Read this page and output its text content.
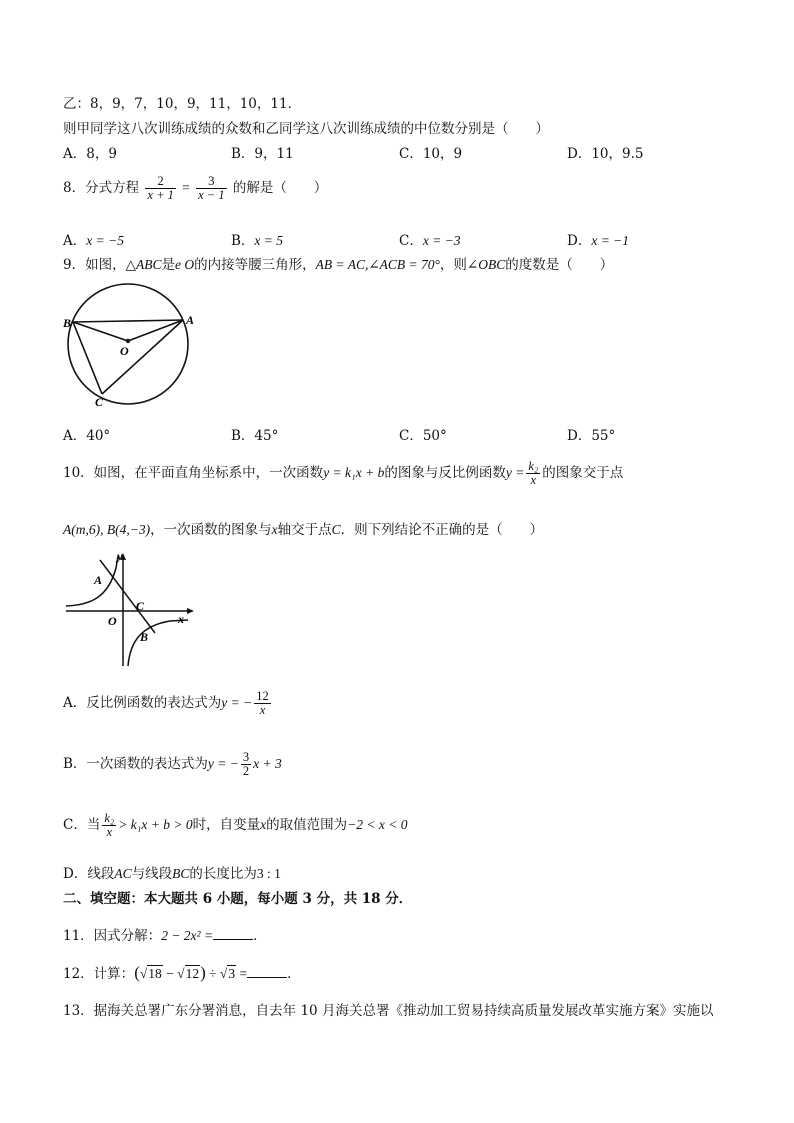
乙：8，9，7，10，9，11，10，11．
则甲同学这八次训练成绩的众数和乙同学这八次训练成绩的中位数分别是（　　）
A．8，9	B．9，11	C．10，9	D．10，9.5
8．分式方程 $\frac{2}{x + 1} = \frac{3}{x - 1}$ 的解是（　　）
A．x = −5	B．x = 5	C．x = −3	D．x = −1
9．如图，△ABC是e O的内接等腰三角形，AB = AC,∠ACB = 70°，则∠OBC的度数是（　　）
B	A
O
C
A．40°	B．45°	C．50°	D．55°
10．如图，在平面直角坐标系中，一次函数y = k₁x + b的图象与反比例函数$y = \frac{\text{k₂}}{x}$ 的图象交于点
A(m,6), B(4,−3)，一次函数的图象与x轴交于点C．则下列结论不正确的是（　　）
y
A
C
O	x
B
A．反比例函数的表达式为y = − $\frac{12}{x}$
B．一次函数的表达式为y = − $\frac{3}{2}$ x + 3
C．当 $\frac{\text{k₂}}{x} > k_1x + b > 0$时，自变量x的取值范围为−2 < x < 0
D．线段AC与线段BC的长度比为3 : 1
二、填空题：本大题共 6 小题，每小题 3 分，共 18 分．
11．因式分解：2 − 2x² =	．
12．计算：(√18 − √12) ÷ √3 =	．
13．据海关总署广东分署消息，自去年 10 月海关总署《推动加工贸易持续高质量发展改革实施方案》实施以
